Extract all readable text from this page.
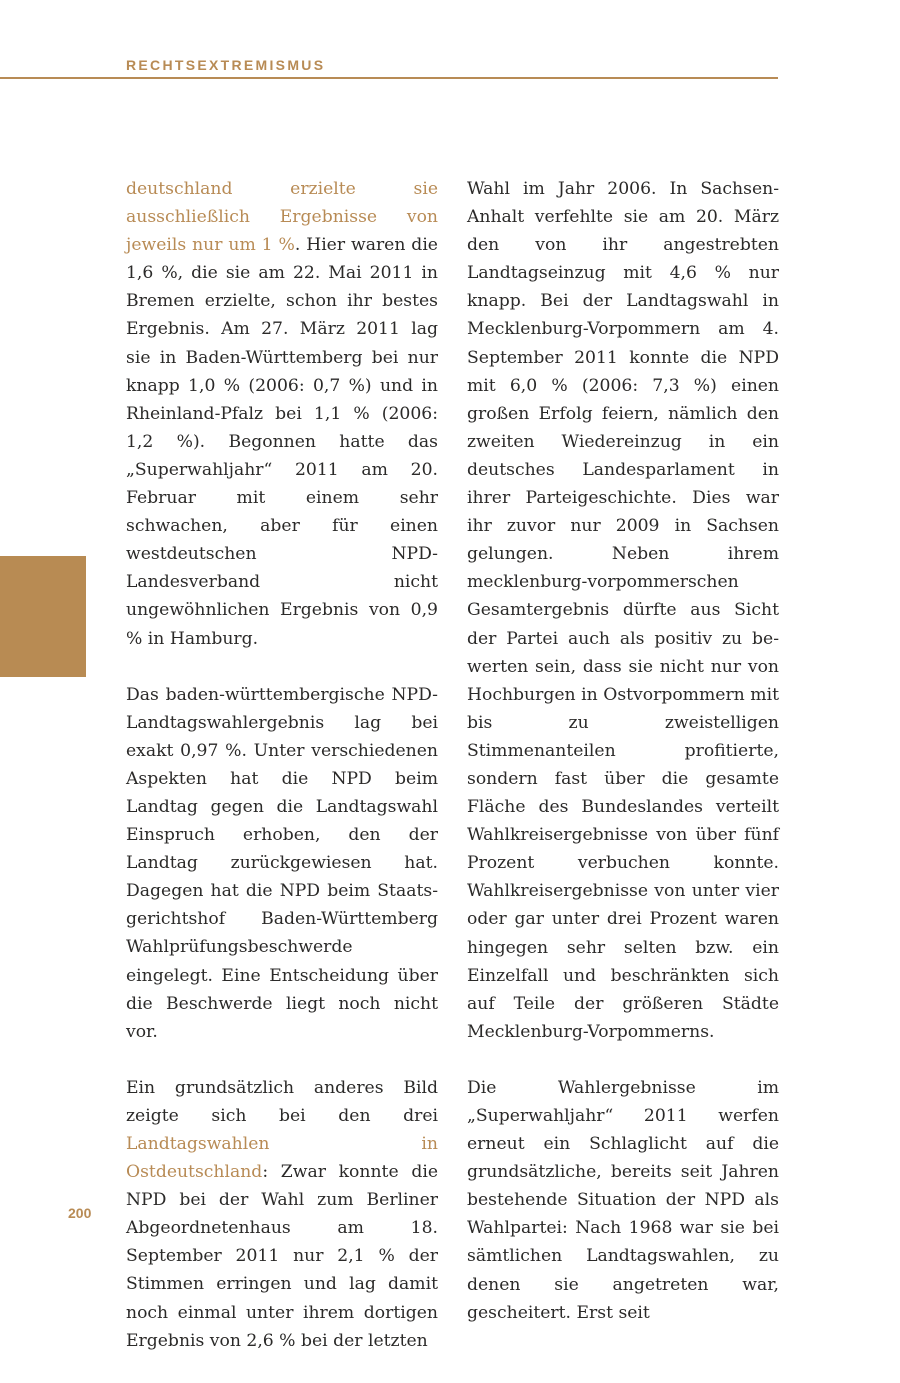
RECHTSEXTREMISMUS

deutschland erzielte sie ausschließlich Ergebnisse von jeweils nur um 1 %. Hier waren die 1,6 %, die sie am 22. Mai 2011 in Bremen erzielte, schon ihr bestes Ergebnis. Am 27. März 2011 lag sie in Baden-Württemberg bei nur knapp 1,0 % (2006: 0,7 %) und in Rheinland-Pfalz bei 1,1 % (2006: 1,2 %). Begonnen hatte das „Superwahljahr“ 2011 am 20. Februar mit einem sehr schwachen, aber für einen westdeutschen NPD-Landesverband nicht ungewöhnlichen Ergebnis von 0,9 % in Hamburg.

Das baden-württembergische NPD-Landtagswahlergebnis lag bei exakt 0,97 %. Unter verschiedenen Aspekten hat die NPD beim Landtag gegen die Landtagswahl Einspruch erhoben, den der Landtag zurückgewiesen hat. Dagegen hat die NPD beim Staatsgerichtshof Baden-Württemberg Wahlprüfungsbeschwerde eingelegt. Eine Entscheidung über die Beschwerde liegt noch nicht vor.

Ein grundsätzlich anderes Bild zeigte sich bei den drei Landtagswahlen in Ostdeutschland: Zwar konnte die NPD bei der Wahl zum Berliner Abgeordnetenhaus am 18. September 2011 nur 2,1 % der Stimmen erringen und lag damit noch einmal unter ihrem dortigen Ergebnis von 2,6 % bei der letzten

Wahl im Jahr 2006. In Sachsen-Anhalt verfehlte sie am 20. März den von ihr angestrebten Landtagseinzug mit 4,6 % nur knapp. Bei der Landtagswahl in Mecklenburg-Vorpommern am 4. September 2011 konnte die NPD mit 6,0 % (2006: 7,3 %) einen großen Erfolg feiern, nämlich den zweiten Wiedereinzug in ein deutsches Landesparlament in ihrer Parteigeschichte. Dies war ihr zuvor nur 2009 in Sachsen gelungen. Neben ihrem mecklenburg-vorpommerschen Gesamtergebnis dürfte aus Sicht der Partei auch als positiv zu bewerten sein, dass sie nicht nur von Hochburgen in Ostvorpommern mit bis zu zweistelligen Stimmenanteilen profitierte, sondern fast über die gesamte Fläche des Bundeslandes verteilt Wahlkreisergebnisse von über fünf Prozent verbuchen konnte. Wahlkreisergebnisse von unter vier oder gar unter drei Prozent waren hingegen sehr selten bzw. ein Einzelfall und beschränkten sich auf Teile der größeren Städte Mecklenburg-Vorpommerns.

Die Wahlergebnisse im „Superwahljahr“ 2011 werfen erneut ein Schlaglicht auf die grundsätzliche, bereits seit Jahren bestehende Situation der NPD als Wahlpartei: Nach 1968 war sie bei sämtlichen Landtagswahlen, zu denen sie angetreten war, gescheitert. Erst seit

200
